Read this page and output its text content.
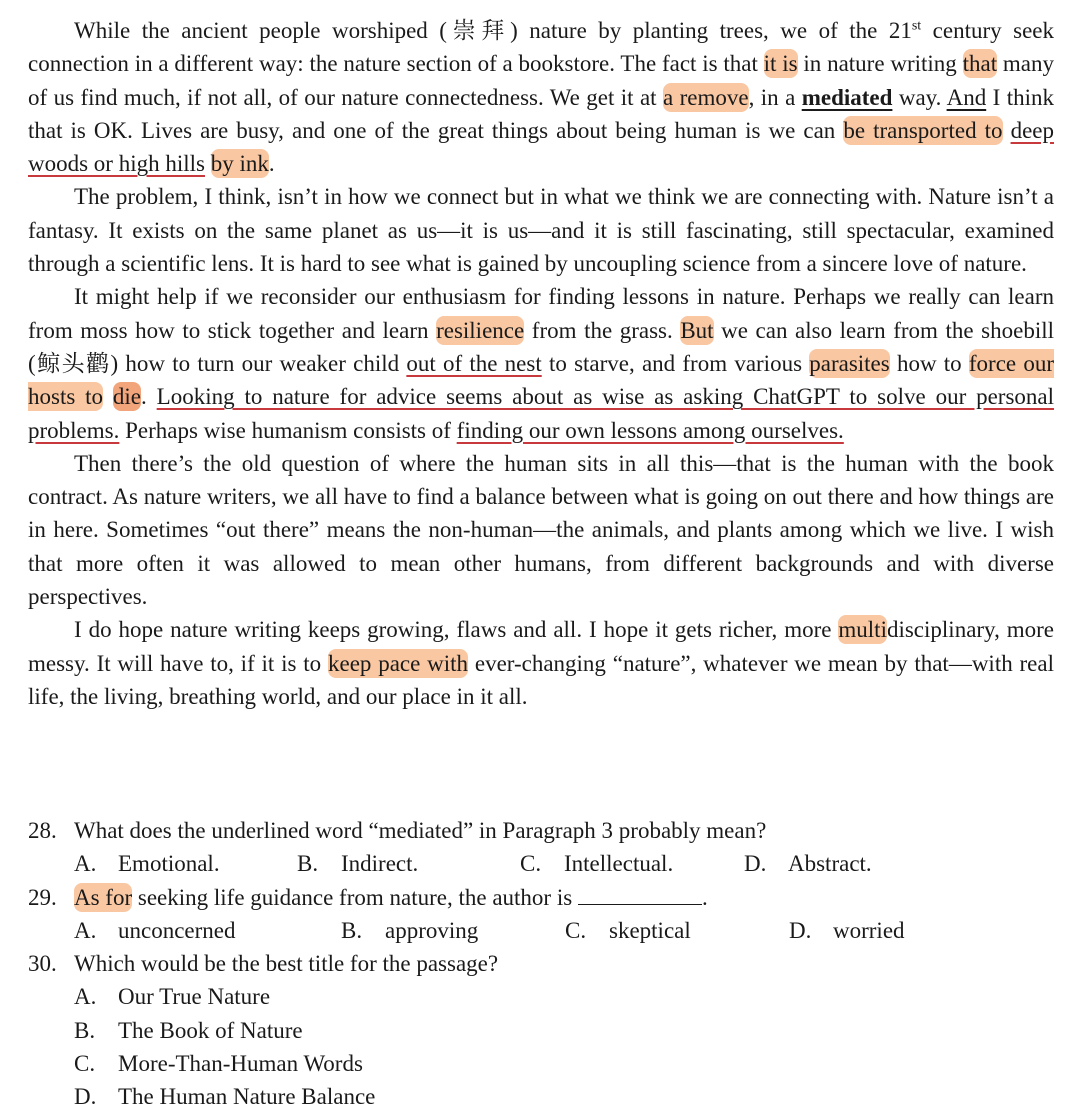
While the ancient people worshiped (崇拜) nature by planting trees, we of the 21st century seek connection in a different way: the nature section of a bookstore. The fact is that it is in nature writing that many of us find much, if not all, of our nature connectedness. We get it at a remove, in a mediated way. And I think that is OK. Lives are busy, and one of the great things about being human is we can be transported to deep woods or high hills by ink.

The problem, I think, isn’t in how we connect but in what we think we are connecting with. Nature isn’t a fantasy. It exists on the same planet as us—it is us—and it is still fascinating, still spectacular, examined through a scientific lens. It is hard to see what is gained by uncoupling science from a sincere love of nature.

It might help if we reconsider our enthusiasm for finding lessons in nature. Perhaps we really can learn from moss how to stick together and learn resilience from the grass. But we can also learn from the shoebill (鲸头鹳) how to turn our weaker child out of the nest to starve, and from various parasites how to force our hosts to die. Looking to nature for advice seems about as wise as asking ChatGPT to solve our personal problems. Perhaps wise humanism consists of finding our own lessons among ourselves.

Then there’s the old question of where the human sits in all this—that is the human with the book contract. As nature writers, we all have to find a balance between what is going on out there and how things are in here. Sometimes “out there” means the non-human—the animals, and plants among which we live. I wish that more often it was allowed to mean other humans, from different backgrounds and with diverse perspectives.

I do hope nature writing keeps growing, flaws and all. I hope it gets richer, more multidisciplinary, more messy. It will have to, if it is to keep pace with ever-changing “nature”, whatever we mean by that—with real life, the living, breathing world, and our place in it all.

28. What does the underlined word “mediated” in Paragraph 3 probably mean?
A. Emotional.	B. Indirect.	C. Intellectual.	D. Abstract.
29. As for seeking life guidance from nature, the author is	.
A. unconcerned	B. approving	C. skeptical	D. worried
30. Which would be the best title for the passage?
A. Our True Nature
B. The Book of Nature
C. More-Than-Human Words
D. The Human Nature Balance
